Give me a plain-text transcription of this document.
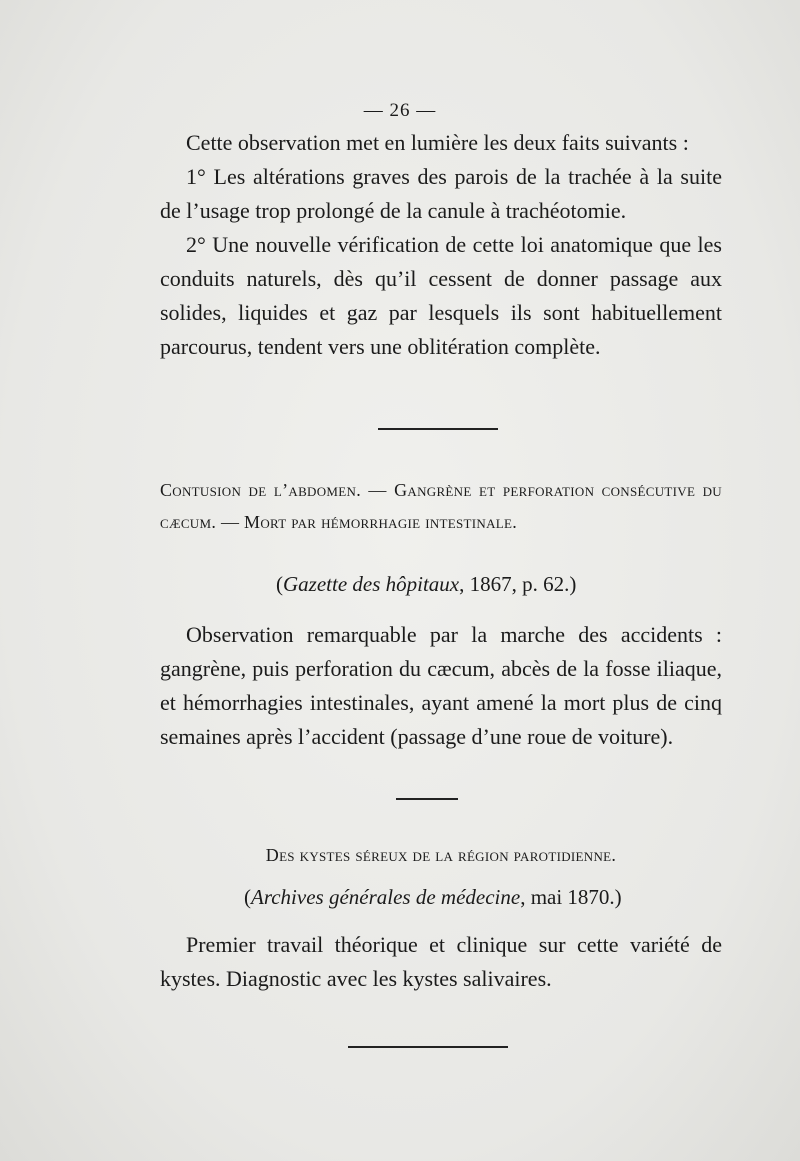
— 26 —

Cette observation met en lumière les deux faits suivants :

1° Les altérations graves des parois de la trachée à la suite de l’usage trop prolongé de la canule à trachéotomie.

2° Une nouvelle vérification de cette loi anatomique que les conduits naturels, dès qu’il cessent de donner passage aux solides, liquides et gaz par lesquels ils sont habituellement parcourus, tendent vers une oblitération complète.

Contusion de l’abdomen. — Gangrène et perforation consécutive du cæcum. — Mort par hémorrhagie intestinale.
(Gazette des hôpitaux, 1867, p. 62.)

Observation remarquable par la marche des accidents : gangrène, puis perforation du cæcum, abcès de la fosse iliaque, et hémorrhagies intestinales, ayant amené la mort plus de cinq semaines après l’accident (passage d’une roue de voiture).

Des kystes séreux de la région parotidienne.
(Archives générales de médecine, mai 1870.)

Premier travail théorique et clinique sur cette variété de kystes. Diagnostic avec les kystes salivaires.
